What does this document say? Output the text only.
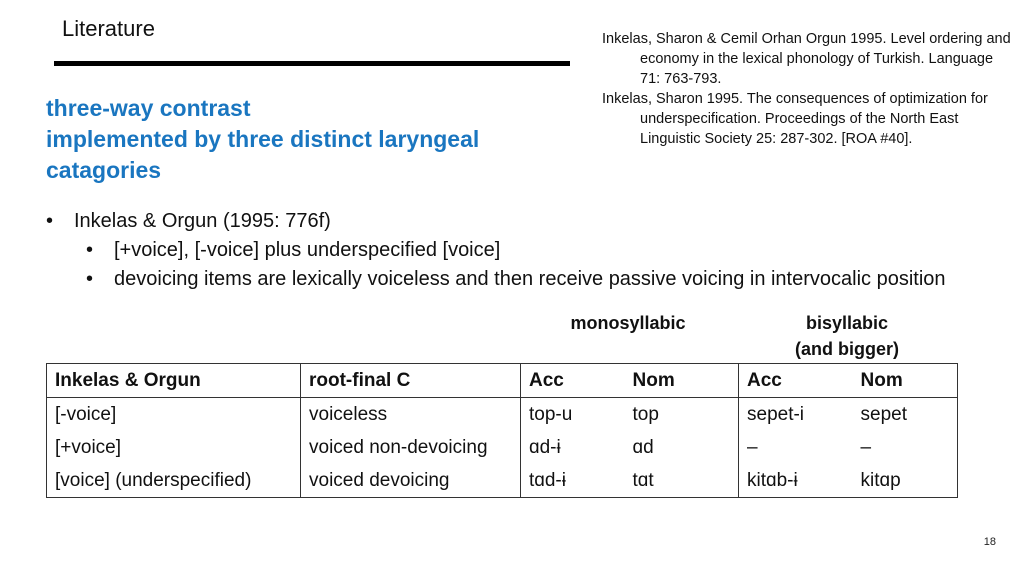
Literature
three-way contrast
implemented by three distinct laryngeal
catagories

Inkelas, Sharon & Cemil Orhan Orgun 1995. Level ordering and economy in the lexical phonology of Turkish. Language 71: 763-793.

Inkelas, Sharon 1995. The consequences of optimization for underspecification. Proceedings of the North East Linguistic Society 25: 287-302. [ROA #40].

• Inkelas & Orgun (1995: 776f)
• [+voice], [-voice] plus underspecified [voice]
• devoicing items are lexically voiceless and then receive passive voicing in intervocalic position
monosyllabic	bisyllabic
(and bigger)
Inkelas & Orgun	root-final C	Acc	Nom	Acc	Nom
[-voice]	voiceless	top-u	top	sepet-i	sepet
[+voice]	voiced non-devoicing	ɑd-ɨ	ɑd	–	–
[voice] (underspecified)	voiced devoicing	tɑd-ɨ	tɑt	kitɑb-ɨ	kitɑp
18
